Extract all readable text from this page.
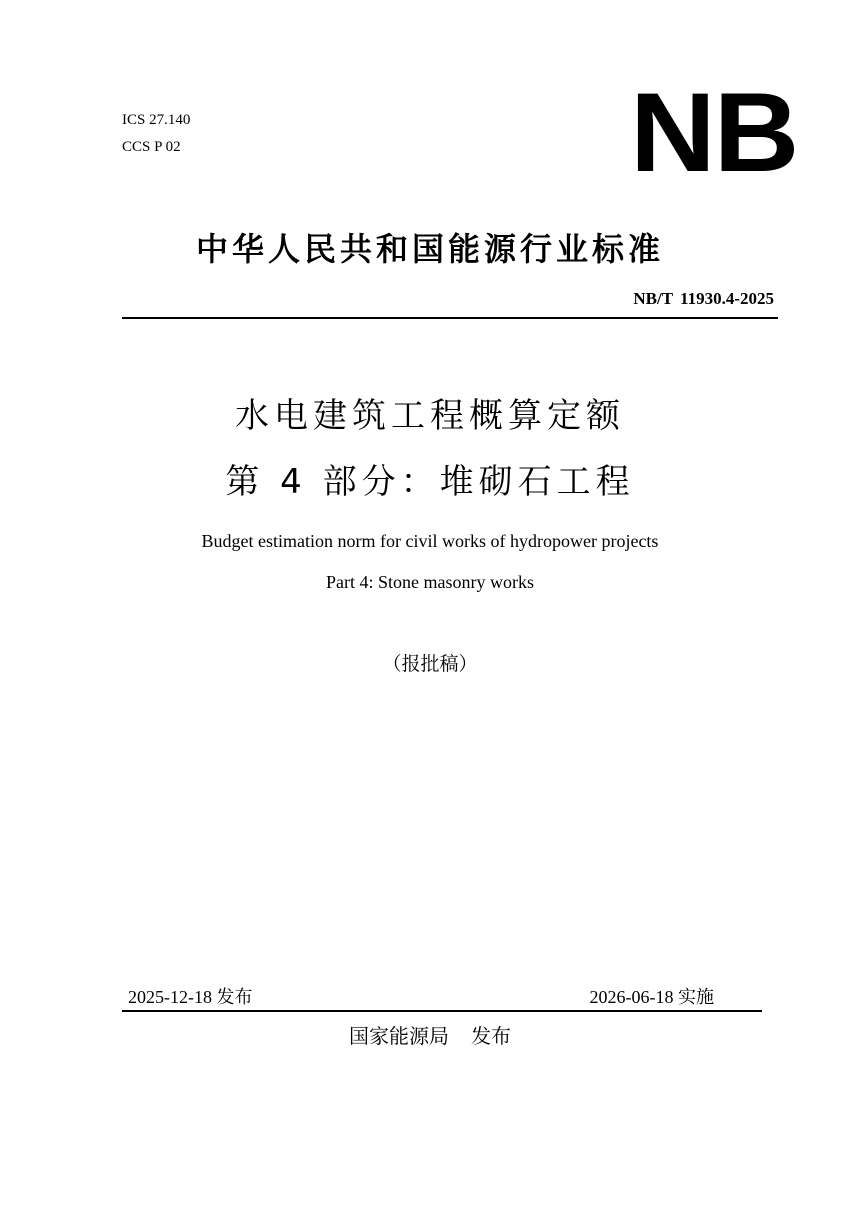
ICS 27.140
CCS P 02	NB
中华人民共和国能源行业标准
NB/T 11930.4-2025
水电建筑工程概算定额
第 4 部分：堆砌石工程
Budget estimation norm for civil works of hydropower projects
Part 4: Stone masonry works
（报批稿）
2025-12-18 发布	2026-06-18 实施
国家能源局 发布
